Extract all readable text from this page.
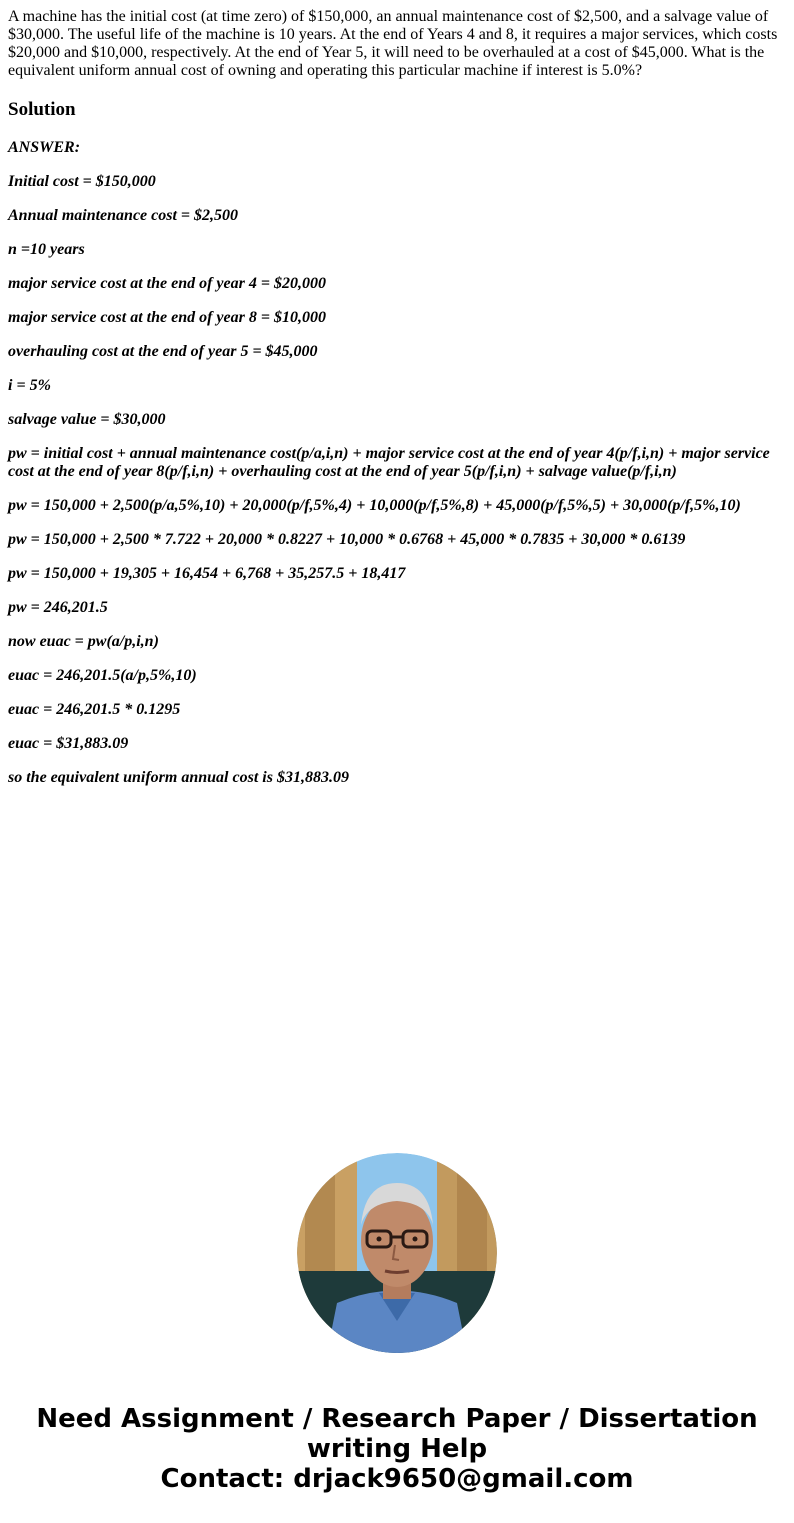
A machine has the initial cost (at time zero) of $150,000, an annual maintenance cost of $2,500, and a salvage value of $30,000. The useful life of the machine is 10 years. At the end of Years 4 and 8, it requires a major services, which costs $20,000 and $10,000, respectively. At the end of Year 5, it will need to be overhauled at a cost of $45,000. What is the equivalent uniform annual cost of owning and operating this particular machine if interest is 5.0%?

Solution

ANSWER:

Initial cost = $150,000

Annual maintenance cost = $2,500

n =10 years

major service cost at the end of year 4 = $20,000

major service cost at the end of year 8 = $10,000

overhauling cost at the end of year 5 = $45,000

i = 5%

salvage value = $30,000

pw = initial cost + annual maintenance cost(p/a,i,n) + major service cost at the end of year 4(p/f,i,n) + major service cost at the end of year 8(p/f,i,n) + overhauling cost at the end of year 5(p/f,i,n) + salvage value(p/f,i,n)

pw = 150,000 + 2,500(p/a,5%,10) + 20,000(p/f,5%,4) + 10,000(p/f,5%,8) + 45,000(p/f,5%,5) + 30,000(p/f,5%,10)

pw = 150,000 + 2,500 * 7.722 + 20,000 * 0.8227 + 10,000 * 0.6768 + 45,000 * 0.7835 + 30,000 * 0.6139

pw = 150,000 + 19,305 + 16,454 + 6,768 + 35,257.5 + 18,417

pw = 246,201.5

now euac = pw(a/p,i,n)

euac = 246,201.5(a/p,5%,10)

euac = 246,201.5 * 0.1295

euac = $31,883.09

so the equivalent uniform annual cost is $31,883.09

Need Assignment / Research Paper / Dissertation
writing Help
Contact: drjack9650@gmail.com
